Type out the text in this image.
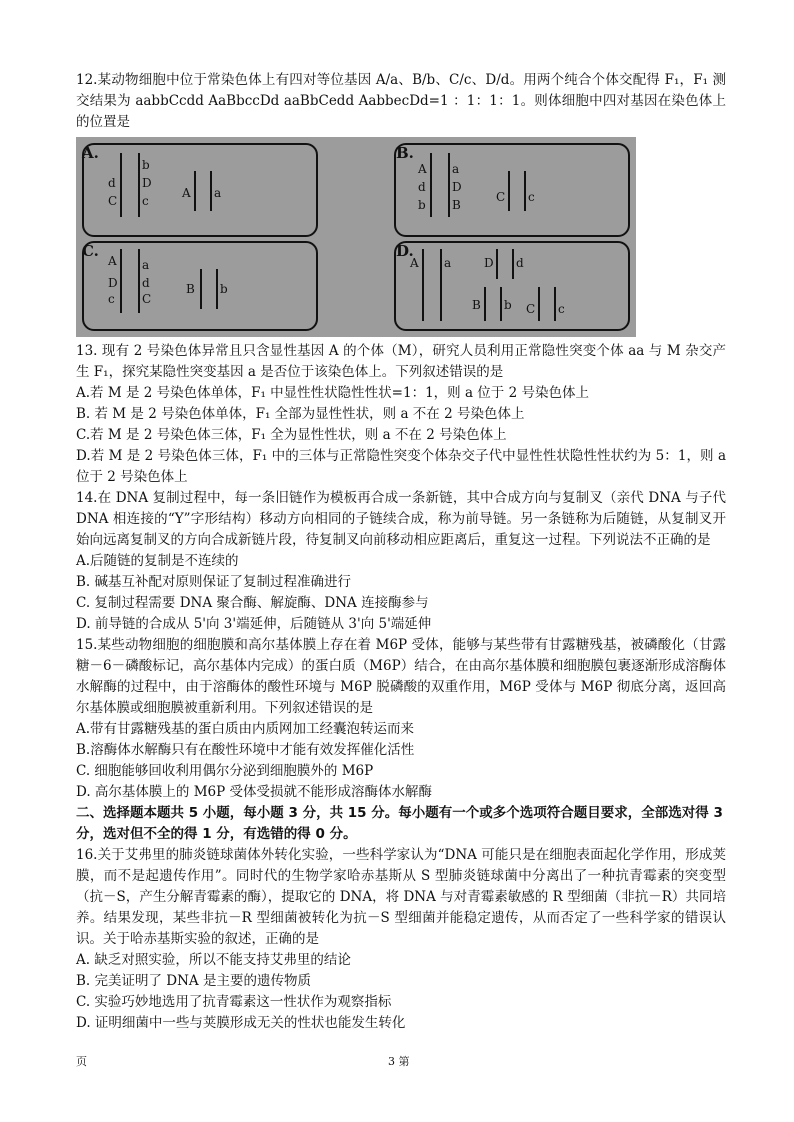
12.某动物细胞中位于常染色体上有四对等位基因 A/a、B/b、C/c、D/d。用两个纯合个体交配得 F₁，F₁ 测交结果为 aabbCcdd AaBbccDd aaBbCedd AabbecDd=1 ：1：1：1。则体细胞中四对基因在染色体上的位置是

A.
b
D
d
c
C
A a
B.
A a
d D
b B
C c
C.
A a
D d
c C
B b
D.
A a	D d
B b C c

13. 现有 2 号染色体异常且只含显性基因 A 的个体（M），研究人员利用正常隐性突变个体 aa 与 M 杂交产生 F₁，探究某隐性突变基因 a 是否位于该染色体上。下列叙述错误的是

A.若 M 是 2 号染色体单体，F₁ 中显性性状隐性性状=1：1，则 a 位于 2 号染色体上

B. 若 M 是 2 号染色体单体，F₁ 全部为显性性状，则 a 不在 2 号染色体上

C.若 M 是 2 号染色体三体，F₁ 全为显性性状，则 a 不在 2 号染色体上

D.若 M 是 2 号染色体三体，F₁ 中的三体与正常隐性突变个体杂交子代中显性性状隐性性状约为 5：1，则 a 位于 2 号染色体上

14.在 DNA 复制过程中，每一条旧链作为模板再合成一条新链，其中合成方向与复制叉（亲代 DNA 与子代 DNA 相连接的“Y”字形结构）移动方向相同的子链续合成，称为前导链。另一条链称为后随链，从复制叉开始向远离复制叉的方向合成新链片段，待复制叉向前移动相应距离后，重复这一过程。下列说法不正确的是

A.后随链的复制是不连续的

B. 碱基互补配对原则保证了复制过程准确进行

C. 复制过程需要 DNA 聚合酶、解旋酶、DNA 连接酶参与

D. 前导链的合成从 5'向 3'端延伸，后随链从 3'向 5'端延伸

15.某些动物细胞的细胞膜和高尔基体膜上存在着 M6P 受体，能够与某些带有甘露糖残基，被磷酸化（甘露糖－6－磷酸标记，高尔基体内完成）的蛋白质（M6P）结合，在由高尔基体膜和细胞膜包裹逐渐形成溶酶体水解酶的过程中，由于溶酶体的酸性环境与 M6P 脱磷酸的双重作用，M6P 受体与 M6P 彻底分离，返回高尔基体膜或细胞膜被重新利用。下列叙述错误的是

A.带有甘露糖残基的蛋白质由内质网加工经囊泡转运而来

B.溶酶体水解酶只有在酸性环境中才能有效发挥催化活性

C. 细胞能够回收利用偶尔分泌到细胞膜外的 M6P

D. 高尔基体膜上的 M6P 受体受损就不能形成溶酶体水解酶

二、选择题本题共 5 小题，每小题 3 分，共 15 分。每小题有一个或多个选项符合题目要求，全部选对得 3 分，选对但不全的得 1 分，有选错的得 0 分。

16.关于艾弗里的肺炎链球菌体外转化实验，一些科学家认为“DNA 可能只是在细胞表面起化学作用，形成荚膜，而不是起遗传作用”。同时代的生物学家哈赤基斯从 S 型肺炎链球菌中分离出了一种抗青霉素的突变型（抗－S，产生分解青霉素的酶），提取它的 DNA，将 DNA 与对青霉素敏感的 R 型细菌（非抗－R）共同培养。结果发现，某些非抗－R 型细菌被转化为抗－S 型细菌并能稳定遗传，从而否定了一些科学家的错误认识。关于哈赤基斯实验的叙述，正确的是

A. 缺乏对照实验，所以不能支持艾弗里的结论

B. 完美证明了 DNA 是主要的遗传物质

C. 实验巧妙地选用了抗青霉素这一性状作为观察指标

D. 证明细菌中一些与荚膜形成无关的性状也能发生转化

页	3 第
